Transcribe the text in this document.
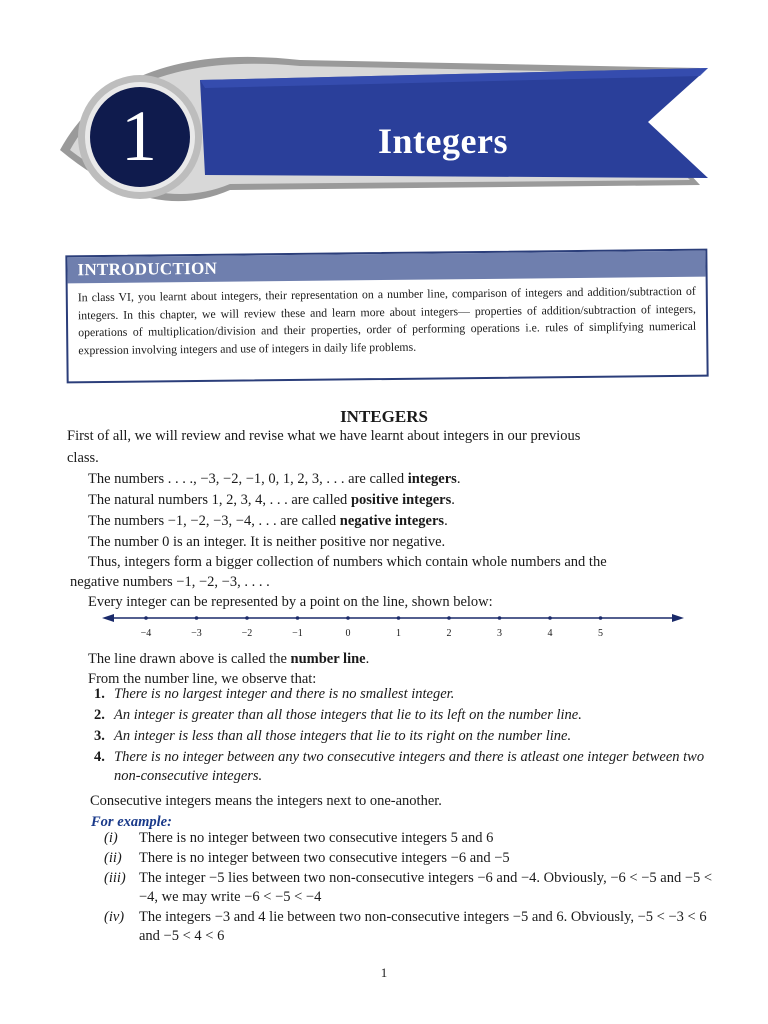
1	Integers
INTRODUCTION
In class VI, you learnt about integers, their representation on a number line, comparison of integers and addition/subtraction of integers. In this chapter, we will review these and learn more about integers— properties of addition/subtraction of integers, operations of multiplication/division and their properties, order of performing operations i.e. rules of simplifying numerical expression involving integers and use of integers in daily life problems.
INTEGERS
First of all, we will review and revise what we have learnt about integers in our previous
class.
The numbers . . . ., −3, −2, −1, 0, 1, 2, 3, . . . are called integers.
The natural numbers 1, 2, 3, 4, . . . are called positive integers.
The numbers −1, −2, −3, −4, . . . are called negative integers.
The number 0 is an integer. It is neither positive nor negative.
Thus, integers form a bigger collection of numbers which contain whole numbers and the
negative numbers −1, −2, −3, . . . .
Every integer can be represented by a point on the line, shown below:
−4	−3	−2	−1	0	1	2	3	4	5
The line drawn above is called the number line.
From the number line, we observe that:
1. There is no largest integer and there is no smallest integer.
2. An integer is greater than all those integers that lie to its left on the number line.
3. An integer is less than all those integers that lie to its right on the number line.
4. There is no integer between any two consecutive integers and there is atleast one integer between two non-consecutive integers.
Consecutive integers means the integers next to one-another.
For example:
(i)	There is no integer between two consecutive integers 5 and 6
(ii)	There is no integer between two consecutive integers −6 and −5
(iii) The integer −5 lies between two non-consecutive integers −6 and −4. Obviously, −6 < −5 and −5 < −4, we may write −6 < −5 < −4
(iv)	The integers −3 and 4 lie between two non-consecutive integers −5 and 6. Obviously, −5 < −3 < 6 and −5 < 4 < 6
1
